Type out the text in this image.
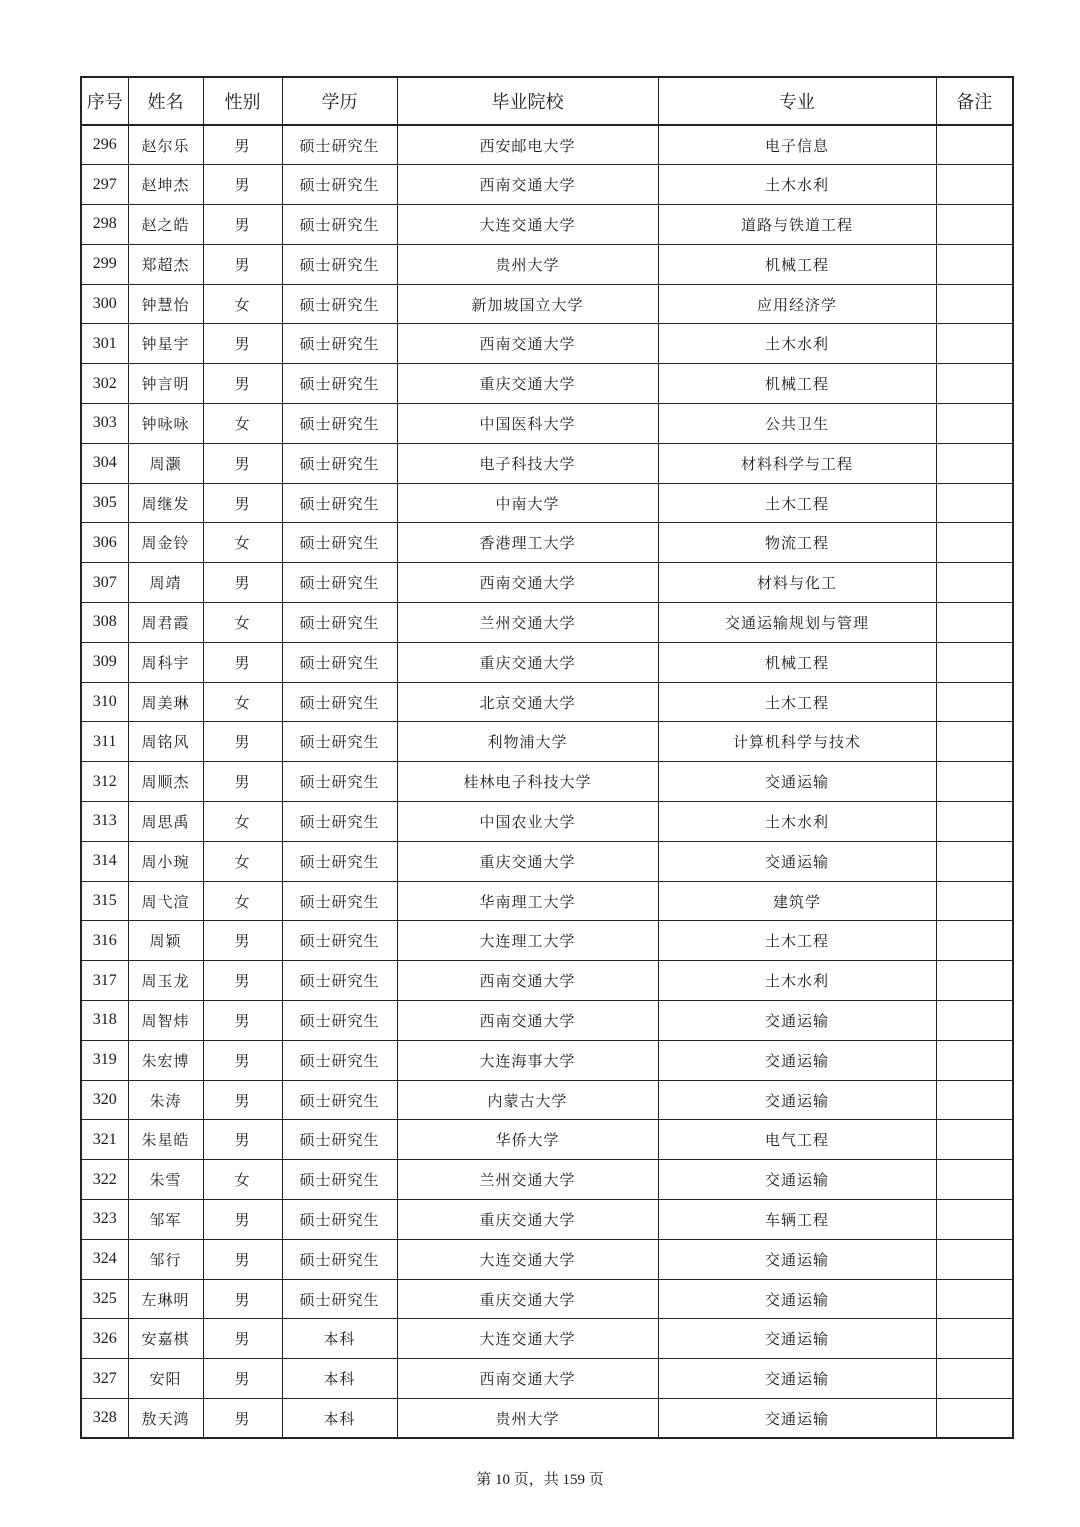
序号	姓名	性别	学历	毕业院校	专业	备注
296	赵尔乐	男	硕士研究生	西安邮电大学	电子信息	
297	赵坤杰	男	硕士研究生	西南交通大学	土木水利	
298	赵之皓	男	硕士研究生	大连交通大学	道路与铁道工程	
299	郑超杰	男	硕士研究生	贵州大学	机械工程	
300	钟慧怡	女	硕士研究生	新加坡国立大学	应用经济学	
301	钟星宇	男	硕士研究生	西南交通大学	土木水利	
302	钟言明	男	硕士研究生	重庆交通大学	机械工程	
303	钟咏咏	女	硕士研究生	中国医科大学	公共卫生	
304	周灏	男	硕士研究生	电子科技大学	材料科学与工程	
305	周继发	男	硕士研究生	中南大学	土木工程	
306	周金铃	女	硕士研究生	香港理工大学	物流工程	
307	周靖	男	硕士研究生	西南交通大学	材料与化工	
308	周君霞	女	硕士研究生	兰州交通大学	交通运输规划与管理	
309	周科宇	男	硕士研究生	重庆交通大学	机械工程	
310	周美琳	女	硕士研究生	北京交通大学	土木工程	
311	周铭风	男	硕士研究生	利物浦大学	计算机科学与技术	
312	周顺杰	男	硕士研究生	桂林电子科技大学	交通运输	
313	周思禹	女	硕士研究生	中国农业大学	土木水利	
314	周小琬	女	硕士研究生	重庆交通大学	交通运输	
315	周弋渲	女	硕士研究生	华南理工大学	建筑学	
316	周颖	男	硕士研究生	大连理工大学	土木工程	
317	周玉龙	男	硕士研究生	西南交通大学	土木水利	
318	周智炜	男	硕士研究生	西南交通大学	交通运输	
319	朱宏博	男	硕士研究生	大连海事大学	交通运输	
320	朱涛	男	硕士研究生	内蒙古大学	交通运输	
321	朱星皓	男	硕士研究生	华侨大学	电气工程	
322	朱雪	女	硕士研究生	兰州交通大学	交通运输	
323	邹军	男	硕士研究生	重庆交通大学	车辆工程	
324	邹行	男	硕士研究生	大连交通大学	交通运输	
325	左琳明	男	硕士研究生	重庆交通大学	交通运输	
326	安嘉棋	男	本科	大连交通大学	交通运输	
327	安阳	男	本科	西南交通大学	交通运输	
328	敖天鸿	男	本科	贵州大学	交通运输	
第 10 页，共 159 页
